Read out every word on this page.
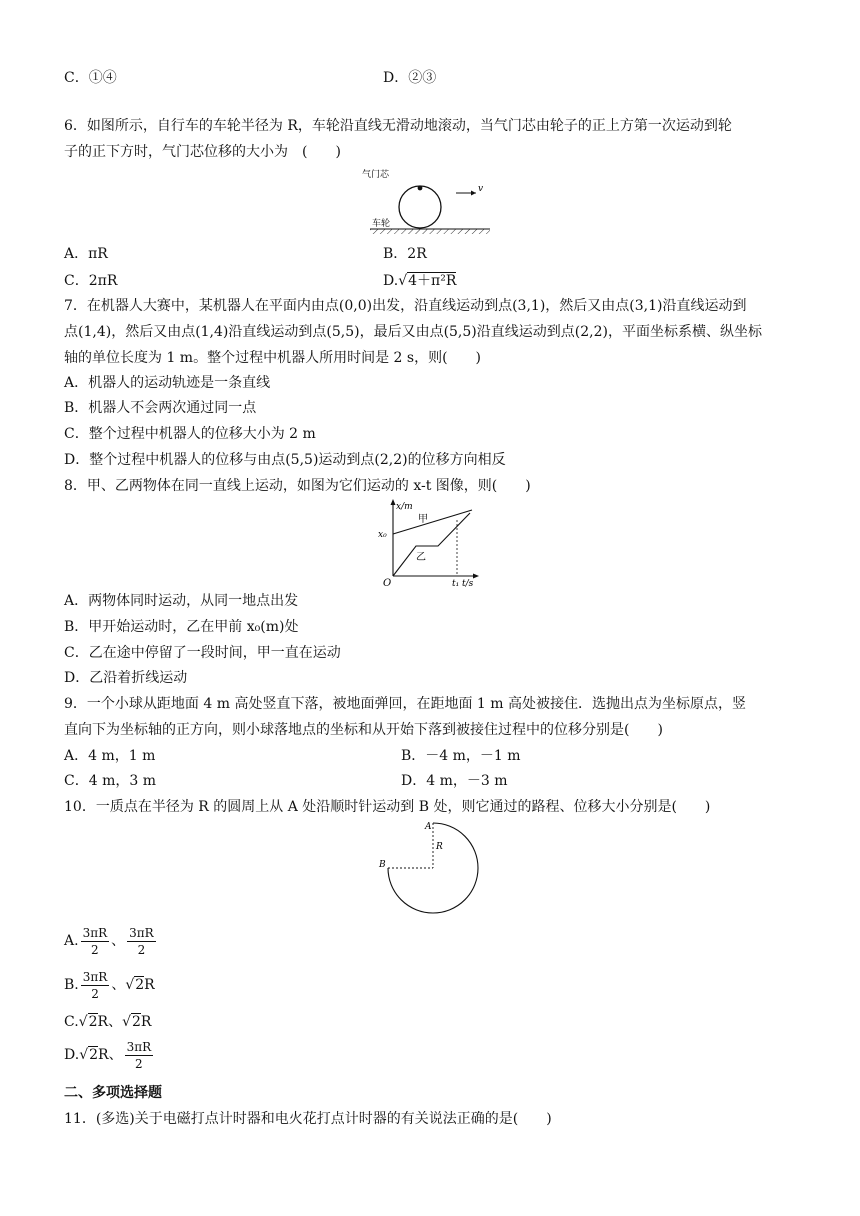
C．①④	D．②③
6．如图所示，自行车的车轮半径为 R，车轮沿直线无滑动地滚动，当气门芯由轮子的正上方第一次运动到轮
子的正下方时，气门芯位移的大小为　(　　)
气门芯
v
车轮
A．πR	B．2R
C．2πR	D.√4＋π²R
7．在机器人大赛中，某机器人在平面内由点(0,0)出发，沿直线运动到点(3,1)，然后又由点(3,1)沿直线运动到
点(1,4)，然后又由点(1,4)沿直线运动到点(5,5)，最后又由点(5,5)沿直线运动到点(2,2)，平面坐标系横、纵坐标
轴的单位长度为 1 m。整个过程中机器人所用时间是 2 s，则(　　)
A．机器人的运动轨迹是一条直线
B．机器人不会两次通过同一点
C．整个过程中机器人的位移大小为 2 m
D．整个过程中机器人的位移与由点(5,5)运动到点(2,2)的位移方向相反
8．甲、乙两物体在同一直线上运动，如图为它们运动的 x-t 图像，则(　　)
x/m
x₀
甲
乙
O	t₁ t/s
A．两物体同时运动，从同一地点出发
B．甲开始运动时，乙在甲前 x₀(m)处
C．乙在途中停留了一段时间，甲一直在运动
D．乙沿着折线运动
9．一个小球从距地面 4 m 高处竖直下落，被地面弹回，在距地面 1 m 高处被接住．选抛出点为坐标原点，竖
直向下为坐标轴的正方向，则小球落地点的坐标和从开始下落到被接住过程中的位移分别是(　　)
A．4 m，1 m	B．－4 m，－1 m
C．4 m，3 m	D．4 m，－3 m
10．一质点在半径为 R 的圆周上从 A 处沿顺时针运动到 B 处，则它通过的路程、位移大小分别是(　　)
A
B
R
A. $\frac{3\pi R}{2}$ 、 $\frac{3\pi R}{2}$
B. $\frac{3\pi R}{2}$ 、√2R
C.√2R、√2R
D.√2R、 $\frac{3\pi R}{2}$
二、多项选择题
11．(多选)关于电磁打点计时器和电火花打点计时器的有关说法正确的是(　　)
